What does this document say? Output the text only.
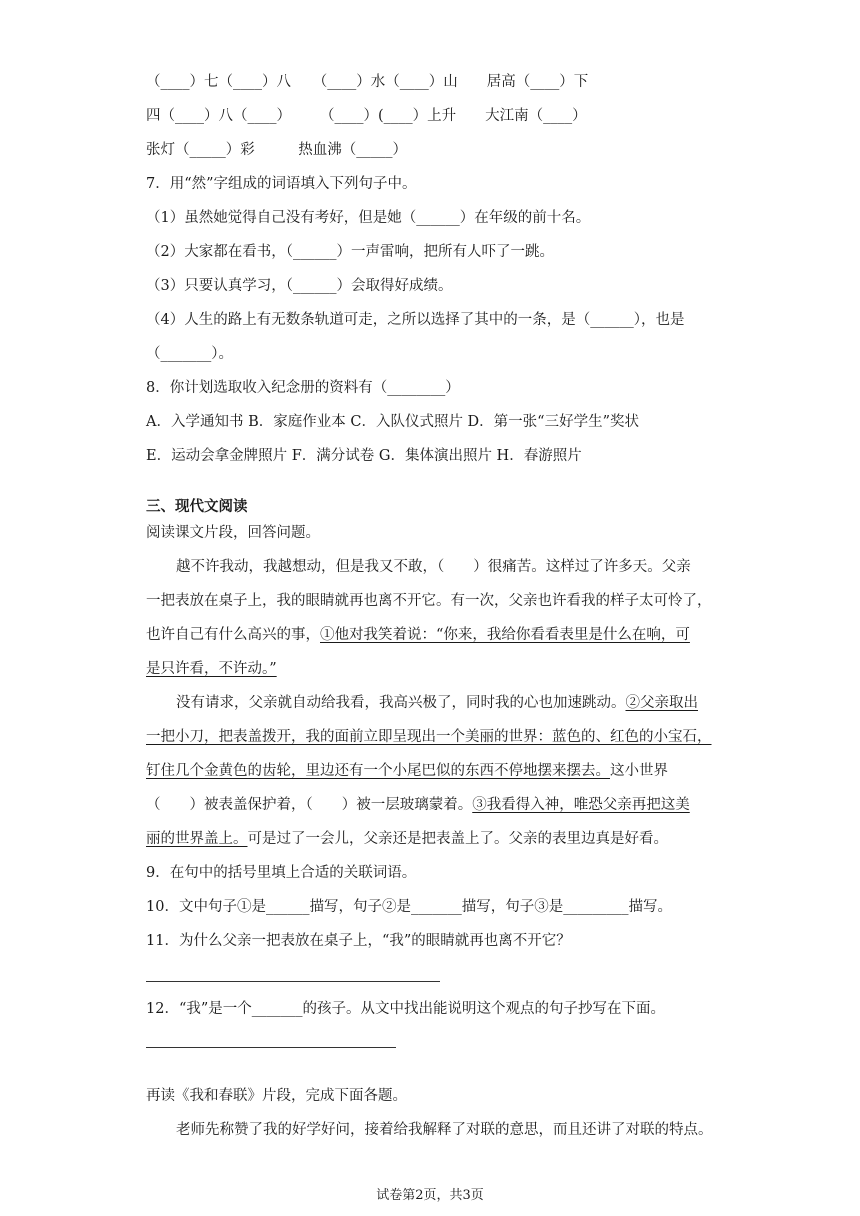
（____）七（____）八　　（____）水（____）山　　居高（____）下
四（____）八（____）　　　（____）(____）上升　　大江南（____）
张灯（_____）彩　　　热血沸（_____）
7．用“然”字组成的词语填入下列句子中。
（1）虽然她觉得自己没有考好，但是她（______）在年级的前十名。
（2）大家都在看书，（______）一声雷响，把所有人吓了一跳。
（3）只要认真学习，（______）会取得好成绩。
（4）人生的路上有无数条轨道可走，之所以选择了其中的一条，是（______），也是
（_______）。
8．你计划选取收入纪念册的资料有（________）
A．入学通知书 B．家庭作业本 C．入队仪式照片 D．第一张“三好学生”奖状
E．运动会拿金牌照片 F．满分试卷 G．集体演出照片 H．春游照片
三、现代文阅读
阅读课文片段，回答问题。
越不许我动，我越想动，但是我又不敢，（　　）很痛苦。这样过了许多天。父亲
一把表放在桌子上，我的眼睛就再也离不开它。有一次，父亲也许看我的样子太可怜了，
也许自己有什么高兴的事，①他对我笑着说：“你来，我给你看看表里是什么在响，可
是只许看，不许动。”
没有请求，父亲就自动给我看，我高兴极了，同时我的心也加速跳动。②父亲取出
一把小刀，把表盖拨开，我的面前立即呈现出一个美丽的世界：蓝色的、红色的小宝石，
钉住几个金黄色的齿轮，里边还有一个小尾巴似的东西不停地摆来摆去。这小世界
（　　）被表盖保护着，（　　）被一层玻璃蒙着。③我看得入神，唯恐父亲再把这美
丽的世界盖上。可是过了一会儿，父亲还是把表盖上了。父亲的表里边真是好看。
9．在句中的括号里填上合适的关联词语。
10．文中句子①是______描写，句子②是_______描写，句子③是_________描写。
11．为什么父亲一把表放在桌子上，“我”的眼睛就再也离不开它？
12．“我”是一个_______的孩子。从文中找出能说明这个观点的句子抄写在下面。
再读《我和春联》片段，完成下面各题。
老师先称赞了我的好学好问，接着给我解释了对联的意思，而且还讲了对联的特点。
试卷第2页，共3页
